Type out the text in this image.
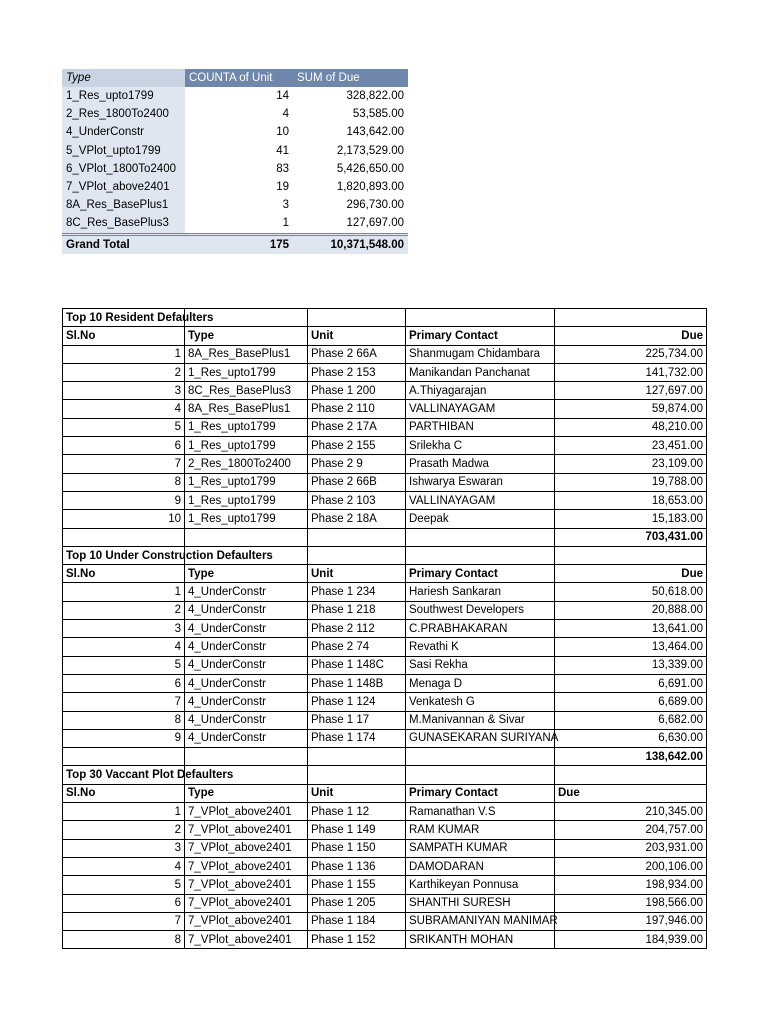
Type	COUNTA of Unit	SUM of Due
1_Res_upto1799	14	328,822.00
2_Res_1800To2400	4	53,585.00
4_UnderConstr	10	143,642.00
5_VPlot_upto1799	41	2,173,529.00
6_VPlot_1800To2400	83	5,426,650.00
7_VPlot_above2401	19	1,820,893.00
8A_Res_BasePlus1	3	296,730.00
8C_Res_BasePlus3	1	127,697.00
Grand Total	175	10,371,548.00
Top 10 Resident Defaulters				
Sl.No	Type	Unit	Primary Contact	Due
1	8A_Res_BasePlus1	Phase 2 66A	Shanmugam Chidambara	225,734.00
2	1_Res_upto1799	Phase 2 153	Manikandan Panchanat	141,732.00
3	8C_Res_BasePlus3	Phase 1 200	A.Thiyagarajan	127,697.00
4	8A_Res_BasePlus1	Phase 2 110	VALLINAYAGAM	59,874.00
5	1_Res_upto1799	Phase 2 17A	PARTHIBAN	48,210.00
6	1_Res_upto1799	Phase 2 155	Srilekha C	23,451.00
7	2_Res_1800To2400	Phase 2 9	Prasath Madwa	23,109.00
8	1_Res_upto1799	Phase 2 66B	Ishwarya Eswaran	19,788.00
9	1_Res_upto1799	Phase 2 103	VALLINAYAGAM	18,653.00
10	1_Res_upto1799	Phase 2 18A	Deepak	15,183.00
				703,431.00
Top 10 Under Construction Defaulters				
Sl.No	Type	Unit	Primary Contact	Due
1	4_UnderConstr	Phase 1 234	Hariesh Sankaran	50,618.00
2	4_UnderConstr	Phase 1 218	Southwest Developers	20,888.00
3	4_UnderConstr	Phase 2 112	C.PRABHAKARAN	13,641.00
4	4_UnderConstr	Phase 2 74	Revathi K	13,464.00
5	4_UnderConstr	Phase 1 148C	Sasi Rekha	13,339.00
6	4_UnderConstr	Phase 1 148B	Menaga D	6,691.00
7	4_UnderConstr	Phase 1 124	Venkatesh G	6,689.00
8	4_UnderConstr	Phase 1 17	M.Manivannan & Sivar	6,682.00
9	4_UnderConstr	Phase 1 174	GUNASEKARAN SURIYANA	6,630.00
				138,642.00
Top 30 Vaccant Plot Defaulters				
Sl.No	Type	Unit	Primary Contact	Due
1	7_VPlot_above2401	Phase 1 12	Ramanathan V.S	210,345.00
2	7_VPlot_above2401	Phase 1 149	RAM KUMAR	204,757.00
3	7_VPlot_above2401	Phase 1 150	SAMPATH KUMAR	203,931.00
4	7_VPlot_above2401	Phase 1 136	DAMODARAN	200,106.00
5	7_VPlot_above2401	Phase 1 155	Karthikeyan Ponnusa	198,934.00
6	7_VPlot_above2401	Phase 1 205	SHANTHI SURESH	198,566.00
7	7_VPlot_above2401	Phase 1 184	SUBRAMANIYAN MANIMAR	197,946.00
8	7_VPlot_above2401	Phase 1 152	SRIKANTH MOHAN	184,939.00
